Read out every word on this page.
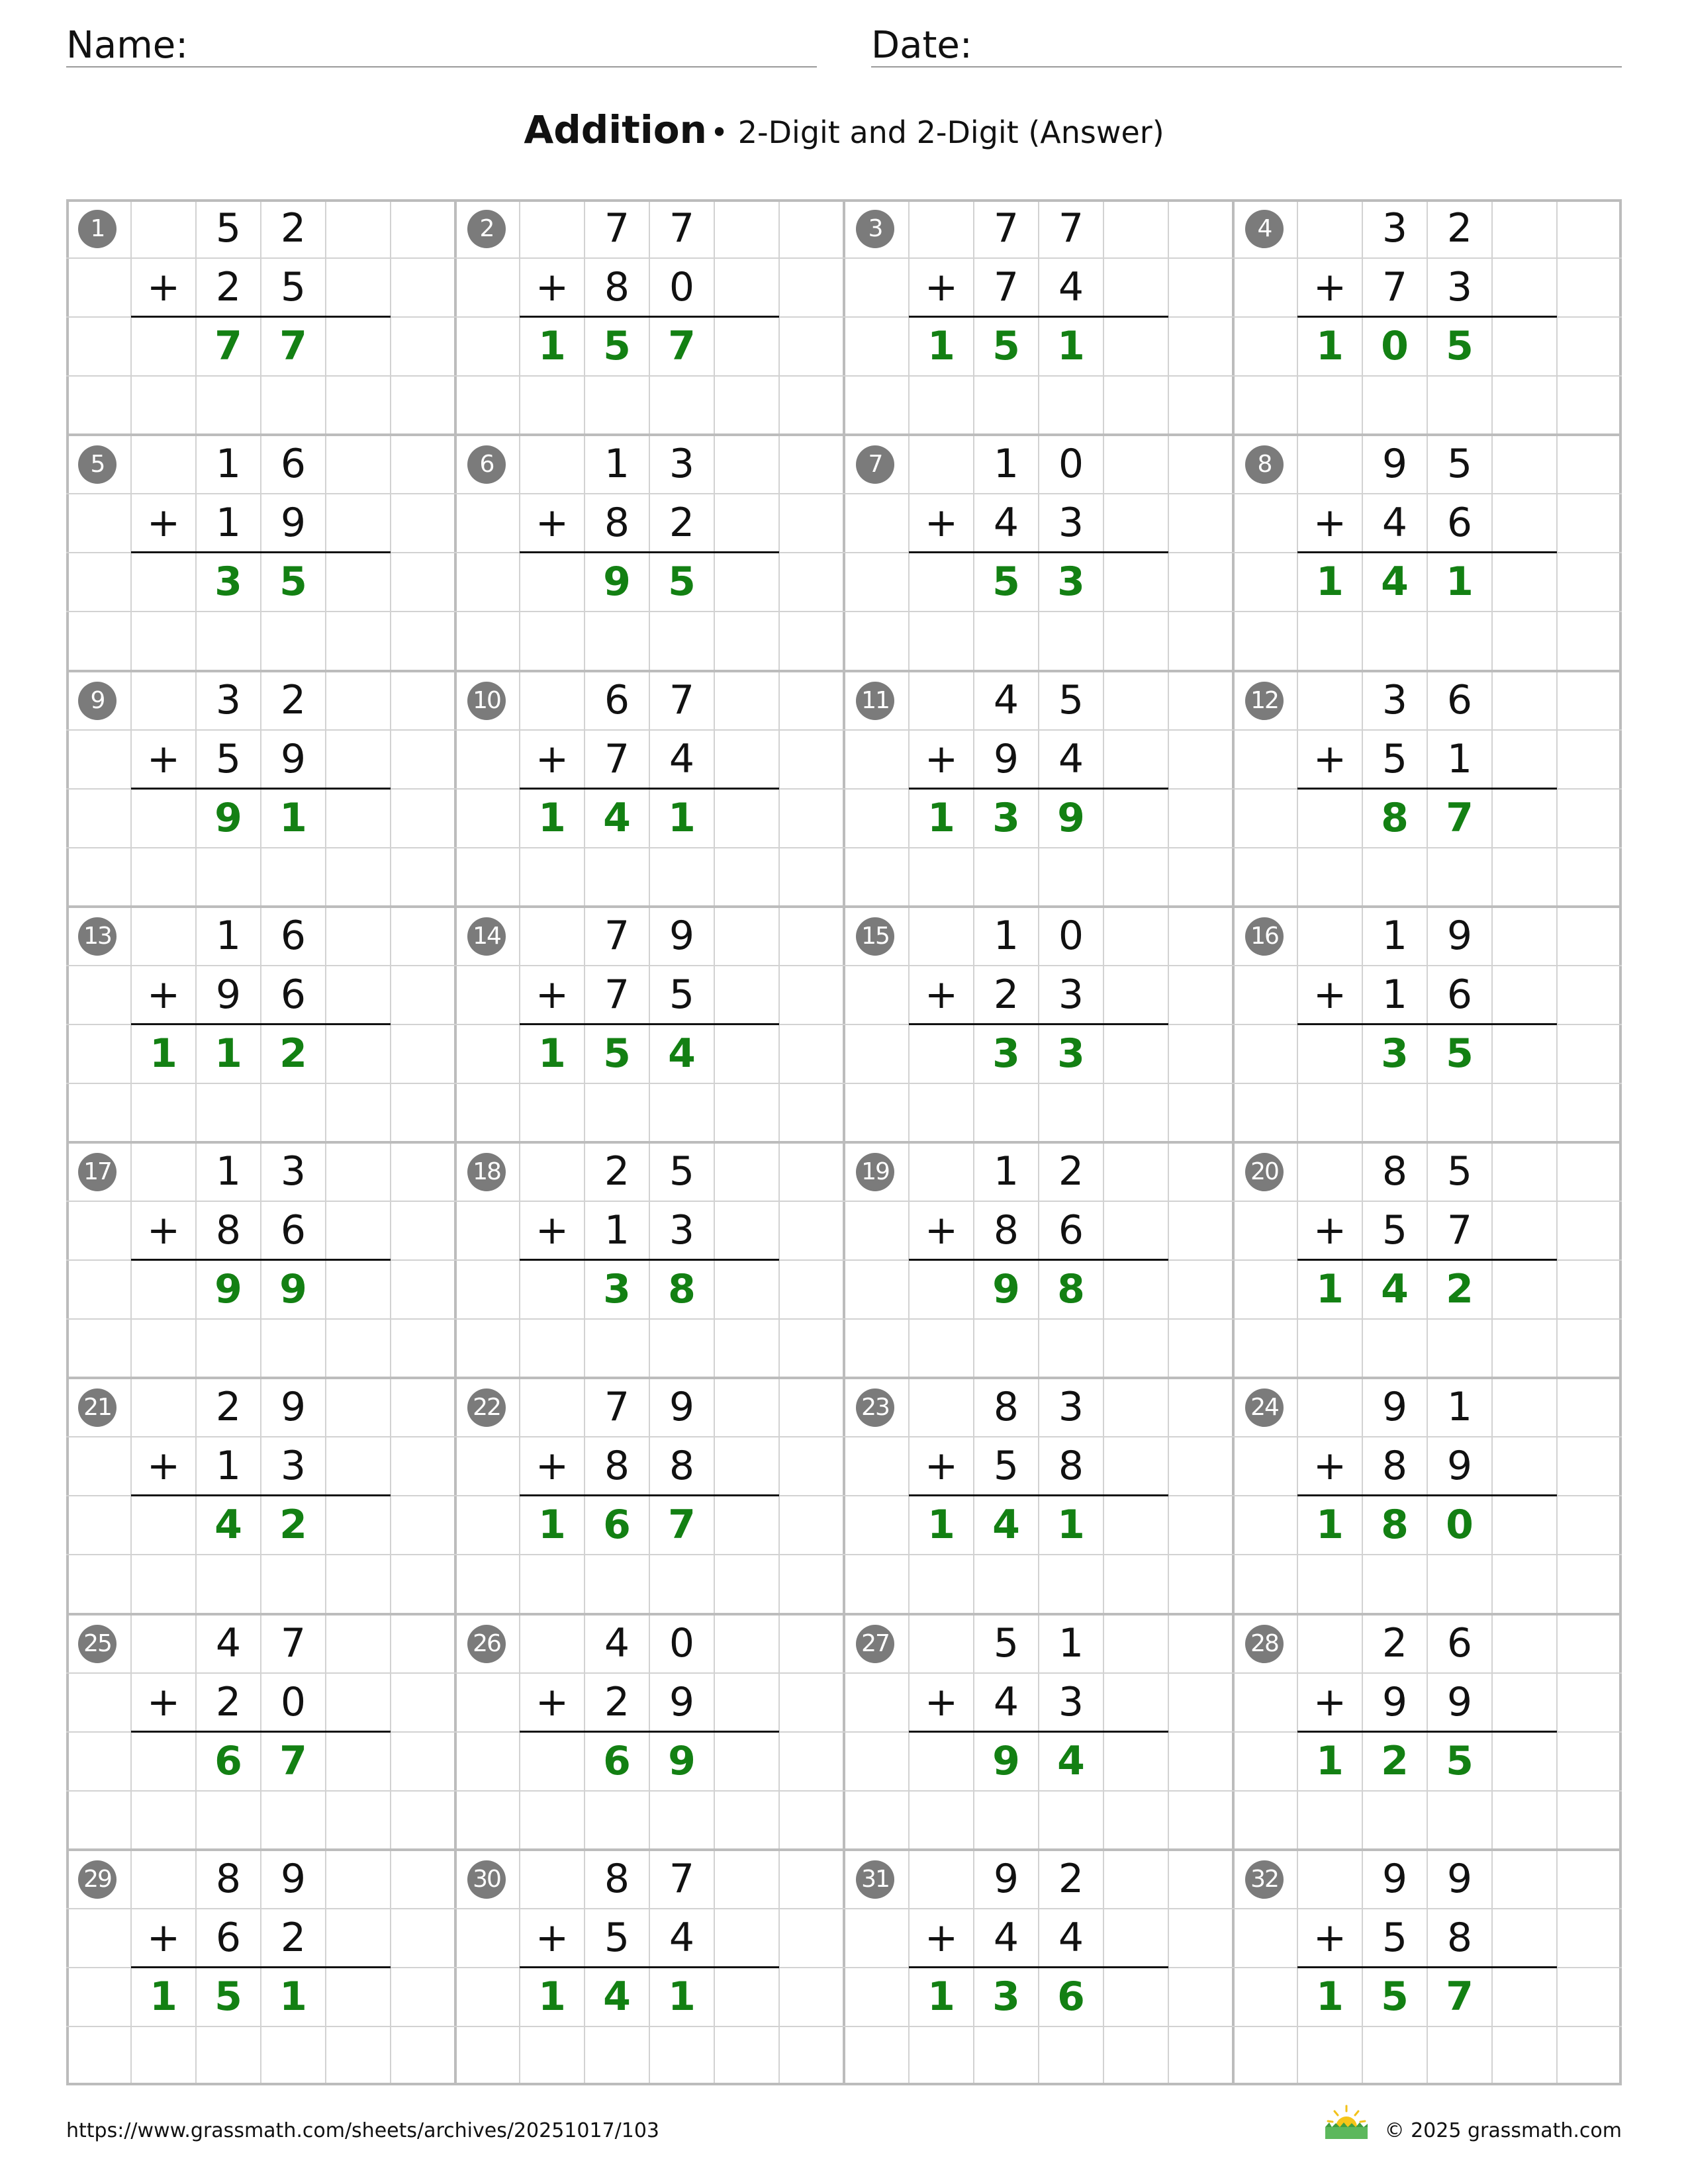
Name:	Date:
Addition • 2-Digit and 2-Digit (Answer)
1	5 2
+ 2 5
7 7
2	7 7
+ 8 0
1 5 7
3	7 7
+ 7 4
1 5 1
4	3 2
+ 7 3
1 0 5
5	1 6
+ 1 9
3 5
6	1 3
+ 8 2
9 5
7	1 0
+ 4 3
5 3
8	9 5
+ 4 6
1 4 1
9	3 2
+ 5 9
9 1
10	6 7
+ 7 4
1 4 1
11	4 5
+ 9 4
1 3 9
12	3 6
+ 5 1
8 7
13	1 6
+ 9 6
1 1 2
14	7 9
+ 7 5
1 5 4
15	1 0
+ 2 3
3 3
16	1 9
+ 1 6
3 5
17	1 3
+ 8 6
9 9
18	2 5
+ 1 3
3 8
19	1 2
+ 8 6
9 8
20	8 5
+ 5 7
1 4 2
21	2 9
+ 1 3
4 2
22	7 9
+ 8 8
1 6 7
23	8 3
+ 5 8
1 4 1
24	9 1
+ 8 9
1 8 0
25	4 7
+ 2 0
6 7
26	4 0
+ 2 9
6 9
27	5 1
+ 4 3
9 4
28	2 6
+ 9 9
1 2 5
29	8 9
+ 6 2
1 5 1
30	8 7
+ 5 4
1 4 1
31	9 2
+ 4 4
1 3 6
32	9 9
+ 5 8
1 5 7
https://www.grassmath.com/sheets/archives/20251017/103	© 2025 grassmath.com
